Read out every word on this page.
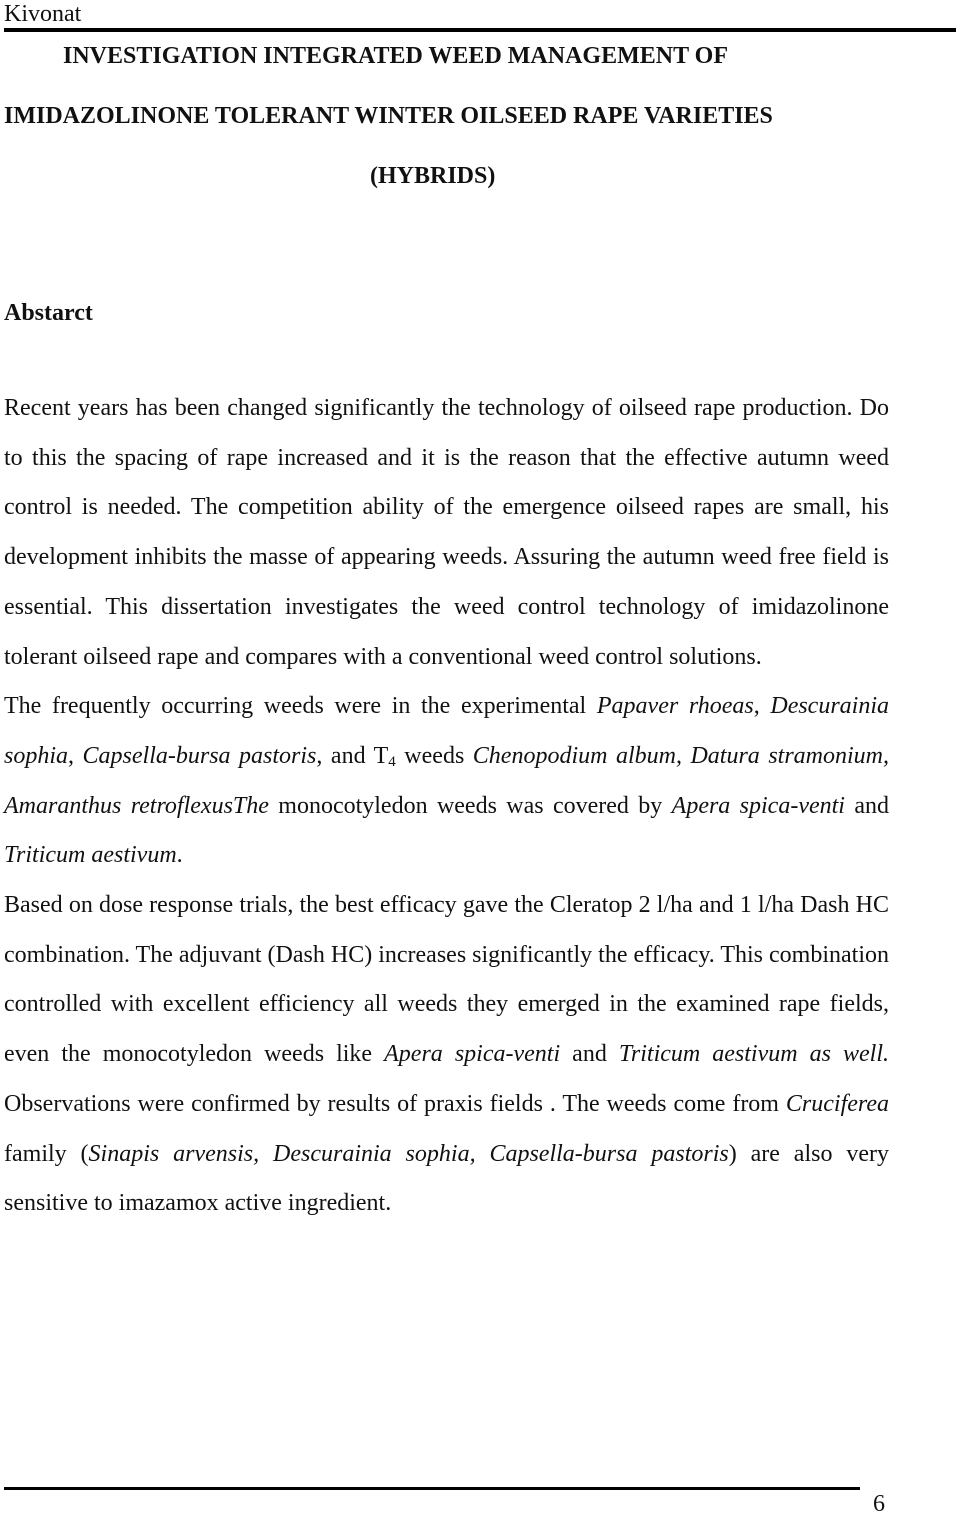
Kivonat
INVESTIGATION INTEGRATED WEED MANAGEMENT OF
IMIDAZOLINONE TOLERANT WINTER OILSEED RAPE VARIETIES
(HYBRIDS)
Abstarct

Recent years has been changed significantly the technology of oilseed rape production. Do to this the spacing of rape increased and it is the reason that the effective autumn weed control is needed. The competition ability of the emergence oilseed rapes are small, his development inhibits the masse of appearing weeds. Assuring the autumn weed free field is essential. This dissertation investigates the weed control technology of imidazolinone tolerant oilseed rape and compares with a conventional weed control solutions.

The frequently occurring weeds were in the experimental Papaver rhoeas, Descurainia sophia, Capsella-bursa pastoris, and $T_4$ weeds Chenopodium album, Datura stramonium, Amaranthus retroflexusThe monocotyledon weeds was covered by Apera spica-venti and Triticum aestivum.

Based on dose response trials, the best efficacy gave the Cleratop 2 l/ha and 1 l/ha Dash HC combination. The adjuvant (Dash HC) increases significantly the efficacy. This combination controlled with excellent efficiency all weeds they emerged in the examined rape fields, even the monocotyledon weeds like Apera spica-venti and Triticum aestivum as well. Observations were confirmed by results of praxis fields . The weeds come from Cruciferea family (Sinapis arvensis, Descurainia sophia, Capsella-bursa pastoris) are also very sensitive to imazamox active ingredient.

6
